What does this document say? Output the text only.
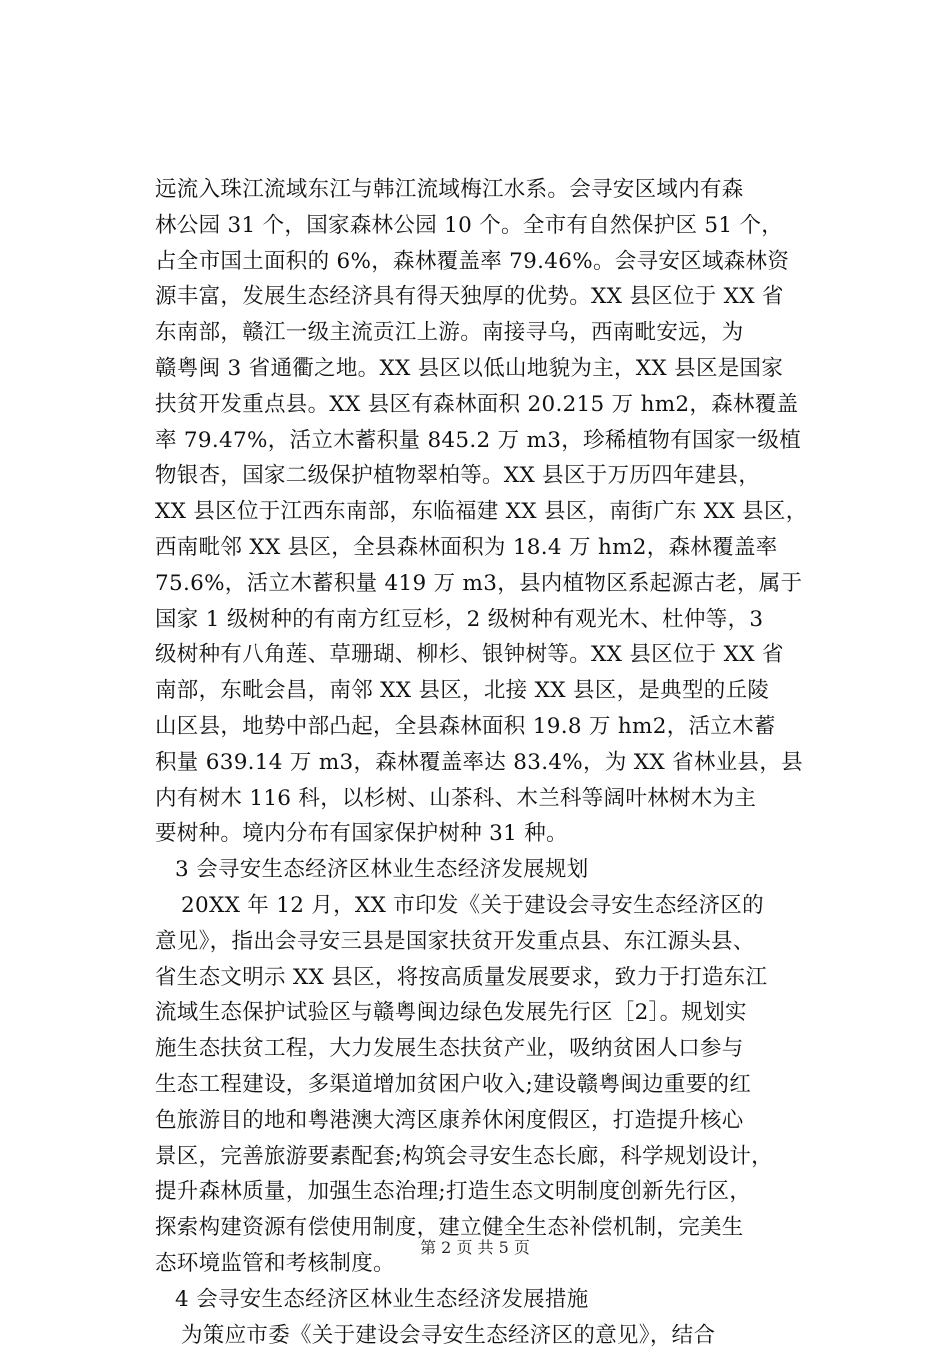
远流入珠江流域东江与韩江流域梅江水系。会寻安区域内有森
林公园 31 个，国家森林公园 10 个。全市有自然保护区 51 个，
占全市国土面积的 6%，森林覆盖率 79.46%。会寻安区域森林资
源丰富，发展生态经济具有得天独厚的优势。XX 县区位于 XX 省
东南部，赣江一级主流贡江上游。南接寻乌，西南毗安远，为
赣粤闽 3 省通衢之地。XX 县区以低山地貌为主，XX 县区是国家
扶贫开发重点县。XX 县区有森林面积 20.215 万 hm2，森林覆盖
率 79.47%，活立木蓄积量 845.2 万 m3，珍稀植物有国家一级植
物银杏，国家二级保护植物翠柏等。XX 县区于万历四年建县，
XX 县区位于江西东南部，东临福建 XX 县区，南街广东 XX 县区，
西南毗邻 XX 县区，全县森林面积为 18.4 万 hm2，森林覆盖率
75.6%，活立木蓄积量 419 万 m3，县内植物区系起源古老，属于
国家 1 级树种的有南方红豆杉，2 级树种有观光木、杜仲等，3
级树种有八角莲、草珊瑚、柳杉、银钟树等。XX 县区位于 XX 省
南部，东毗会昌，南邻 XX 县区，北接 XX 县区，是典型的丘陵
山区县，地势中部凸起，全县森林面积 19.8 万 hm2，活立木蓄
积量 639.14 万 m3，森林覆盖率达 83.4%，为 XX 省林业县，县
内有树木 116 科，以杉树、山茶科、木兰科等阔叶林树木为主
要树种。境内分布有国家保护树种 31 种。
3 会寻安生态经济区林业生态经济发展规划
20XX 年 12 月，XX 市印发《关于建设会寻安生态经济区的
意见》，指出会寻安三县是国家扶贫开发重点县、东江源头县、
省生态文明示 XX 县区，将按高质量发展要求，致力于打造东江
流域生态保护试验区与赣粤闽边绿色发展先行区［2］。规划实
施生态扶贫工程，大力发展生态扶贫产业，吸纳贫困人口参与
生态工程建设，多渠道增加贫困户收入;建设赣粤闽边重要的红
色旅游目的地和粤港澳大湾区康养休闲度假区，打造提升核心
景区，完善旅游要素配套;构筑会寻安生态长廊，科学规划设计，
提升森林质量，加强生态治理;打造生态文明制度创新先行区，
探索构建资源有偿使用制度，建立健全生态补偿机制，完美生
态环境监管和考核制度。
4 会寻安生态经济区林业生态经济发展措施
为策应市委《关于建设会寻安生态经济区的意见》，结合
第 2 页 共 5 页
